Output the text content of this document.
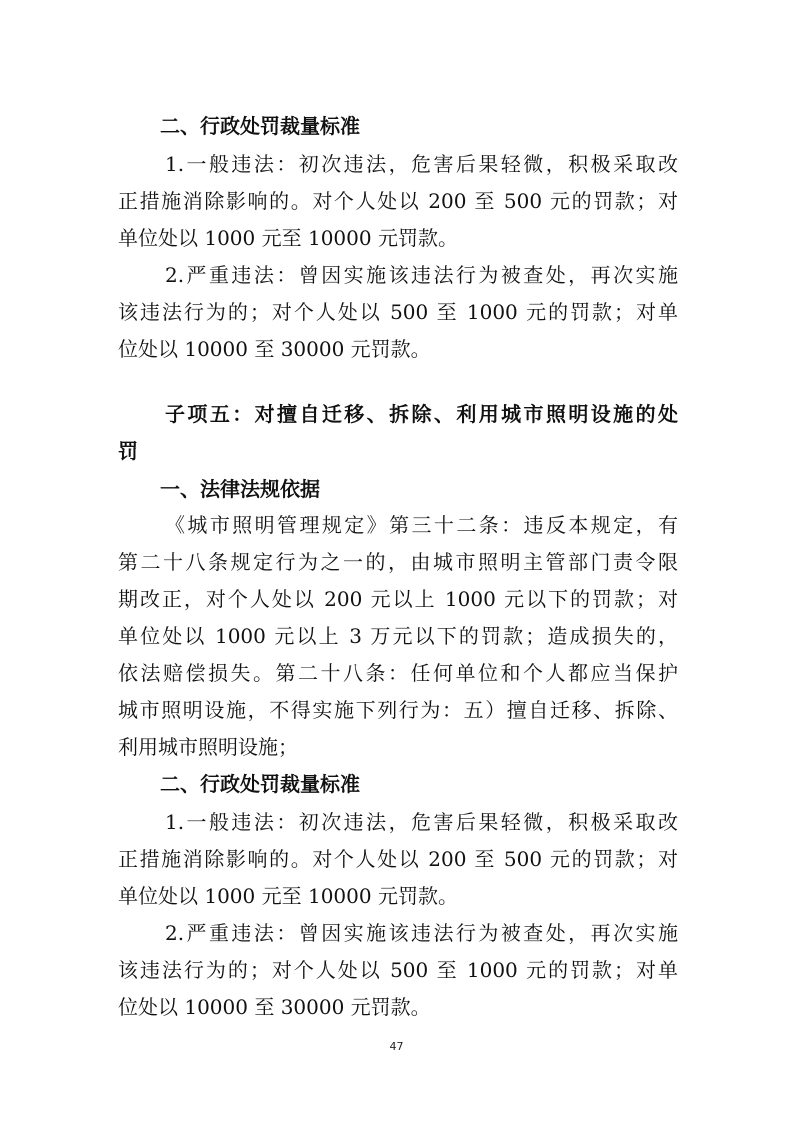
二、行政处罚裁量标准
1.一般违法：初次违法，危害后果轻微，积极采取改
正措施消除影响的。对个人处以 200 至 500 元的罚款；对
单位处以 1000 元至 10000 元罚款。
2.严重违法：曾因实施该违法行为被查处，再次实施
该违法行为的；对个人处以 500 至 1000 元的罚款；对单
位处以 10000 至 30000 元罚款。
子项五：对擅自迁移、拆除、利用城市照明设施的处
罚
一、法律法规依据
《城市照明管理规定》第三十二条：违反本规定，有
第二十八条规定行为之一的，由城市照明主管部门责令限
期改正，对个人处以 200 元以上 1000 元以下的罚款；对
单位处以 1000 元以上 3 万元以下的罚款；造成损失的，
依法赔偿损失。第二十八条：任何单位和个人都应当保护
城市照明设施，不得实施下列行为：五）擅自迁移、拆除、
利用城市照明设施；
二、行政处罚裁量标准
1.一般违法：初次违法，危害后果轻微，积极采取改
正措施消除影响的。对个人处以 200 至 500 元的罚款；对
单位处以 1000 元至 10000 元罚款。
2.严重违法：曾因实施该违法行为被查处，再次实施
该违法行为的；对个人处以 500 至 1000 元的罚款；对单
位处以 10000 至 30000 元罚款。
47
